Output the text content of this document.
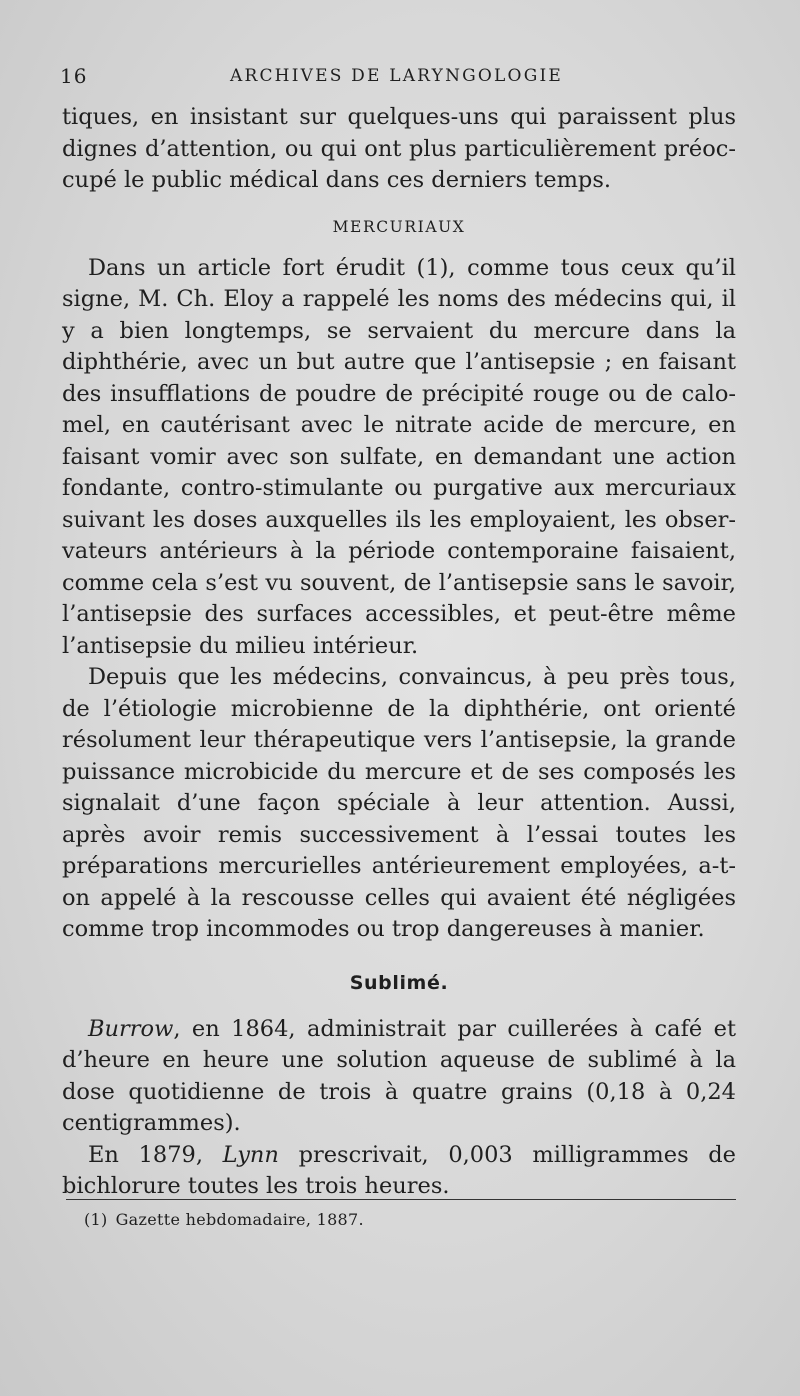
16	ARCHIVES DE LARYNGOLOGIE

tiques, en insistant sur quelques-uns qui paraissent plus dignes d’attention, ou qui ont plus particulièrement préoccupé le public médical dans ces derniers temps.

MERCURIAUX

Dans un article fort érudit (1), comme tous ceux qu’il signe, M. Ch. Eloy a rappelé les noms des médecins qui, il y a bien longtemps, se servaient du mercure dans la diphthérie, avec un but autre que l’antisepsie ; en faisant des insufflations de poudre de précipité rouge ou de calomel, en cautérisant avec le nitrate acide de mercure, en faisant vomir avec son sulfate, en demandant une action fondante, contro-stimulante ou purgative aux mercuriaux suivant les doses auxquelles ils les employaient, les observateurs antérieurs à la période contemporaine faisaient, comme cela s’est vu souvent, de l’antisepsie sans le savoir, l’antisepsie des surfaces accessibles, et peut-être même l’antisepsie du milieu intérieur.

Depuis que les médecins, convaincus, à peu près tous, de l’étiologie microbienne de la diphthérie, ont orienté résolument leur thérapeutique vers l’antisepsie, la grande puissance microbicide du mercure et de ses composés les signalait d’une façon spéciale à leur attention. Aussi, après avoir remis successivement à l’essai toutes les préparations mercurielles antérieurement employées, a-t-on appelé à la rescousse celles qui avaient été négligées comme trop incommodes ou trop dangereuses à manier.

Sublimé.

Burrow, en 1864, administrait par cuillerées à café et d’heure en heure une solution aqueuse de sublimé à la dose quotidienne de trois à quatre grains (0,18 à 0,24 centigrammes).

En 1879, Lynn prescrivait, 0,003 milligrammes de bichlorure toutes les trois heures.

(1) Gazette hebdomadaire, 1887.
